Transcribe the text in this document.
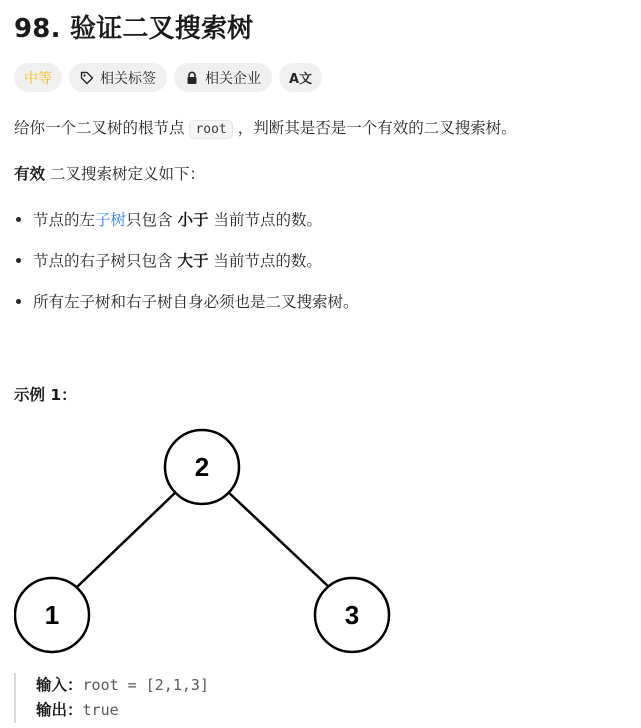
98. 验证二叉搜索树
中等	相关标签	相关企业 A文

给你一个二叉树的根节点 root ，判断其是否是一个有效的二叉搜索树。

有效 二叉搜索树定义如下：

节点的左子树只包含 小于 当前节点的数。
节点的右子树只包含 大于 当前节点的数。
所有左子树和右子树自身必须也是二叉搜索树。

示例 1：

2
1	3
输入：root = [2,1,3]
输出：true
